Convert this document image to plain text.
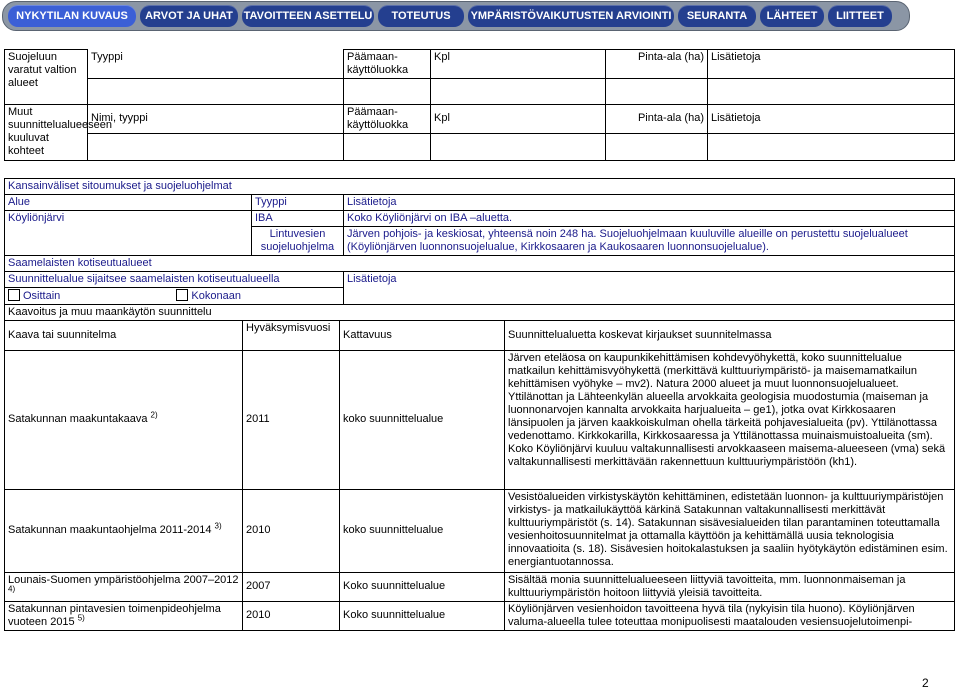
NYKYTILAN KUVAUS	ARVOT JA UHAT TAVOITTEEN ASETTELU	TOTEUTUS	YMPÄRISTÖVAIKUTUSTEN ARVIOINTI	SEURANTA	LÄHTEET	LIITTEET
Suojeluun varatut valtion alueet	Tyyppi	Päämaan-käyttöluokka	Kpl	Pinta-ala (ha)	Lisätietoja

Muut suunnittelualueeseen kuuluvat kohteet	Nimi, tyyppi	Päämaan-käyttöluokka	Kpl	Pinta-ala (ha)	Lisätietoja

Kansainväliset sitoumukset ja suojeluohjelmat		
Alue	Tyyppi	Lisätietoja
Köyliönjärvi	IBA	Koko Köyliönjärvi on IBA –aluetta.
	Lintuvesien suojeluohjelma	Järven pohjois- ja keskiosat, yhteensä noin 248 ha. Suojeluohjelmaan kuuluville alueille on perustettu suojelualueet (Köyliönjärven luonnonsuojelualue, Kirkkosaaren ja Kaukosaaren luonnonsuojelualue).
Saamelaisten kotiseutualueet		
Suunnittelualue sijaitsee saamelaisten kotiseutualueella		Lisätietoja
Osittain Kokonaan		
Kaavoitus ja muu maankäytön suunnittelu			
Kaava tai suunnitelma	Hyväksymisvuosi	Kattavuus	Suunnittelualuetta koskevat kirjaukset suunnitelmassa
Satakunnan maakuntakaava $^{2)}$	2011	koko suunnittelualue	Järven eteläosa on kaupunkikehittämisen kohdevyöhykettä, koko suunnittelualue matkailun kehittämisvyöhykettä (merkittävä kulttuuriympäristö- ja maisemamatkailun kehittämisen vyöhyke – mv2). Natura 2000 alueet ja muut luonnonsuojelualueet. Yttilänottan ja Lähteenkylän alueella arvokkaita geologisia muodostumia (maiseman ja luonnonarvojen kannalta arvokkaita harjualueita – ge1), jotka ovat Kirkkosaaren länsipuolen ja järven kaakkoiskulman ohella tärkeitä pohjavesialueita (pv). Yttilänottassa vedenottamo. Kirkkokarilla, Kirkkosaaressa ja Yttilänottassa muinaismuistoalueita (sm). Koko Köyliönjärvi kuuluu valtakunnallisesti arvokkaaseen maisema-alueeseen (vma) sekä valtakunnallisesti merkittävään rakennettuun kulttuuriympäristöön (kh1).
Satakunnan maakuntaohjelma 2011-2014 $^{3)}$	2010	koko suunnittelualue	Vesistöalueiden virkistyskäytön kehittäminen, edistetään luonnon- ja kulttuuriympäristöjen virkistys- ja matkailukäyttöä kärkinä Satakunnan valtakunnallisesti merkittävät kulttuuriympäristöt (s. 14). Satakunnan sisävesialueiden tilan parantaminen toteuttamalla vesienhoitosuunnitelmat ja ottamalla käyttöön ja kehittämällä uusia teknologisia innovaatioita (s. 18). Sisävesien hoitokalastuksen ja saaliin hyötykäytön edistäminen esim. energiantuotannossa.
Lounais-Suomen ympäristöohjelma 2007–2012 $^{4)}$	2007	Koko suunnittelualue	Sisältää monia suunnittelualueeseen liittyviä tavoitteita, mm. luonnonmaiseman ja kulttuuriympäristön hoitoon liittyviä yleisiä tavoitteita.
Satakunnan pintavesien toimenpideohjelma vuoteen 2015 $^{5)}$	2010	Koko suunnittelualue	Köyliönjärven vesienhoidon tavoitteena hyvä tila (nykyisin tila huono). Köyliönjärven valuma-alueella tulee toteuttaa monipuolisesti maatalouden vesiensuojelutoimenpi-
2
